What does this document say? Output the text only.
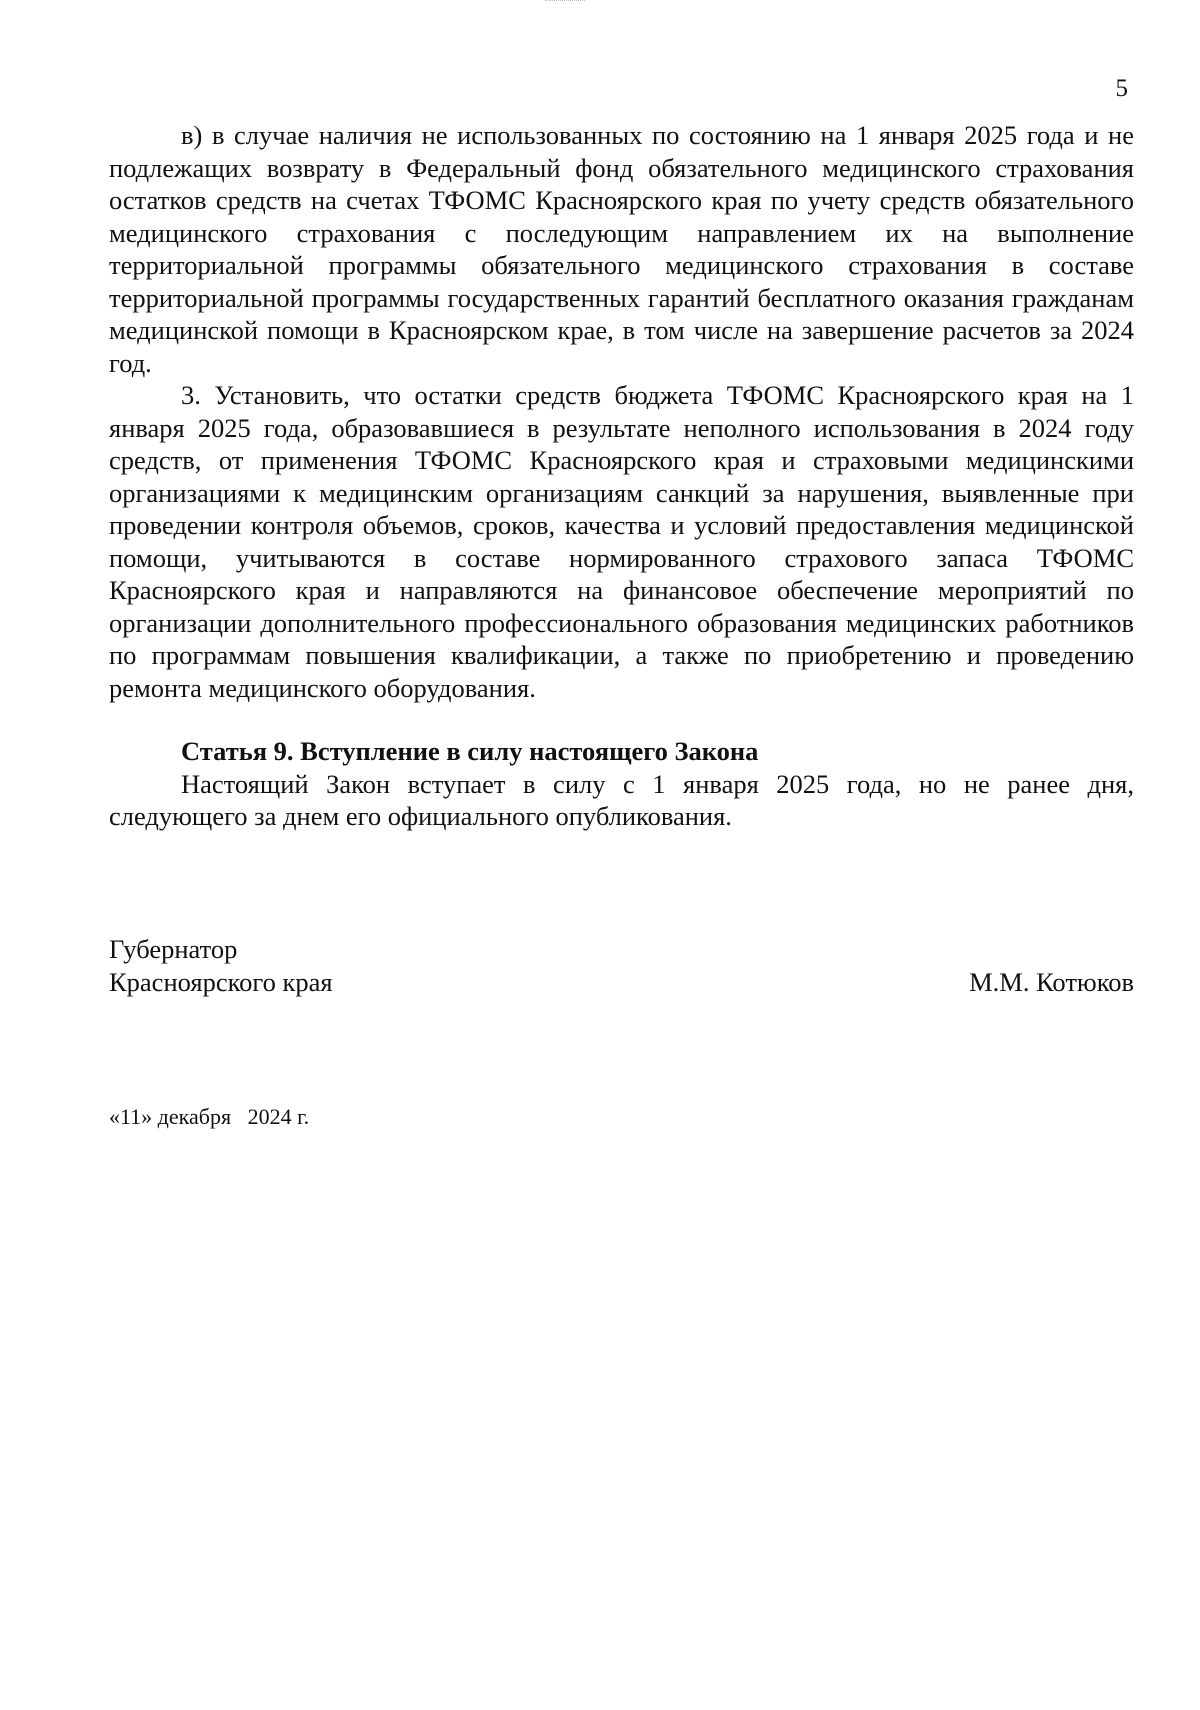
5

в) в случае наличия не использованных по состоянию на 1 января 2025 года и не подлежащих возврату в Федеральный фонд обязательного медицинского страхования остатков средств на счетах ТФОМС Красноярского края по учету средств обязательного медицинского страхования с последующим направлением их на выполнение территориальной программы обязательного медицинского страхования в составе территориальной программы государственных гарантий бесплатного оказания гражданам медицинской помощи в Красноярском крае, в том числе на завершение расчетов за 2024 год.

3. Установить, что остатки средств бюджета ТФОМС Красноярского края на 1 января 2025 года, образовавшиеся в результате неполного использования в 2024 году средств, от применения ТФОМС Красноярского края и страховыми медицинскими организациями к медицинским организациям санкций за нарушения, выявленные при проведении контроля объемов, сроков, качества и условий предоставления медицинской помощи, учитываются в составе нормированного страхового запаса ТФОМС Красноярского края и направляются на финансовое обеспечение мероприятий по организации дополнительного профессионального образования медицинских работников по программам повышения квалификации, а также по приобретению и проведению ремонта медицинского оборудования.

Статья 9. Вступление в силу настоящего Закона

Настоящий Закон вступает в силу с 1 января 2025 года, но не ранее дня, следующего за днем его официального опубликования.

Губернатор
Красноярского края	М.М. Котюков
«11» декабря   2024 г.
